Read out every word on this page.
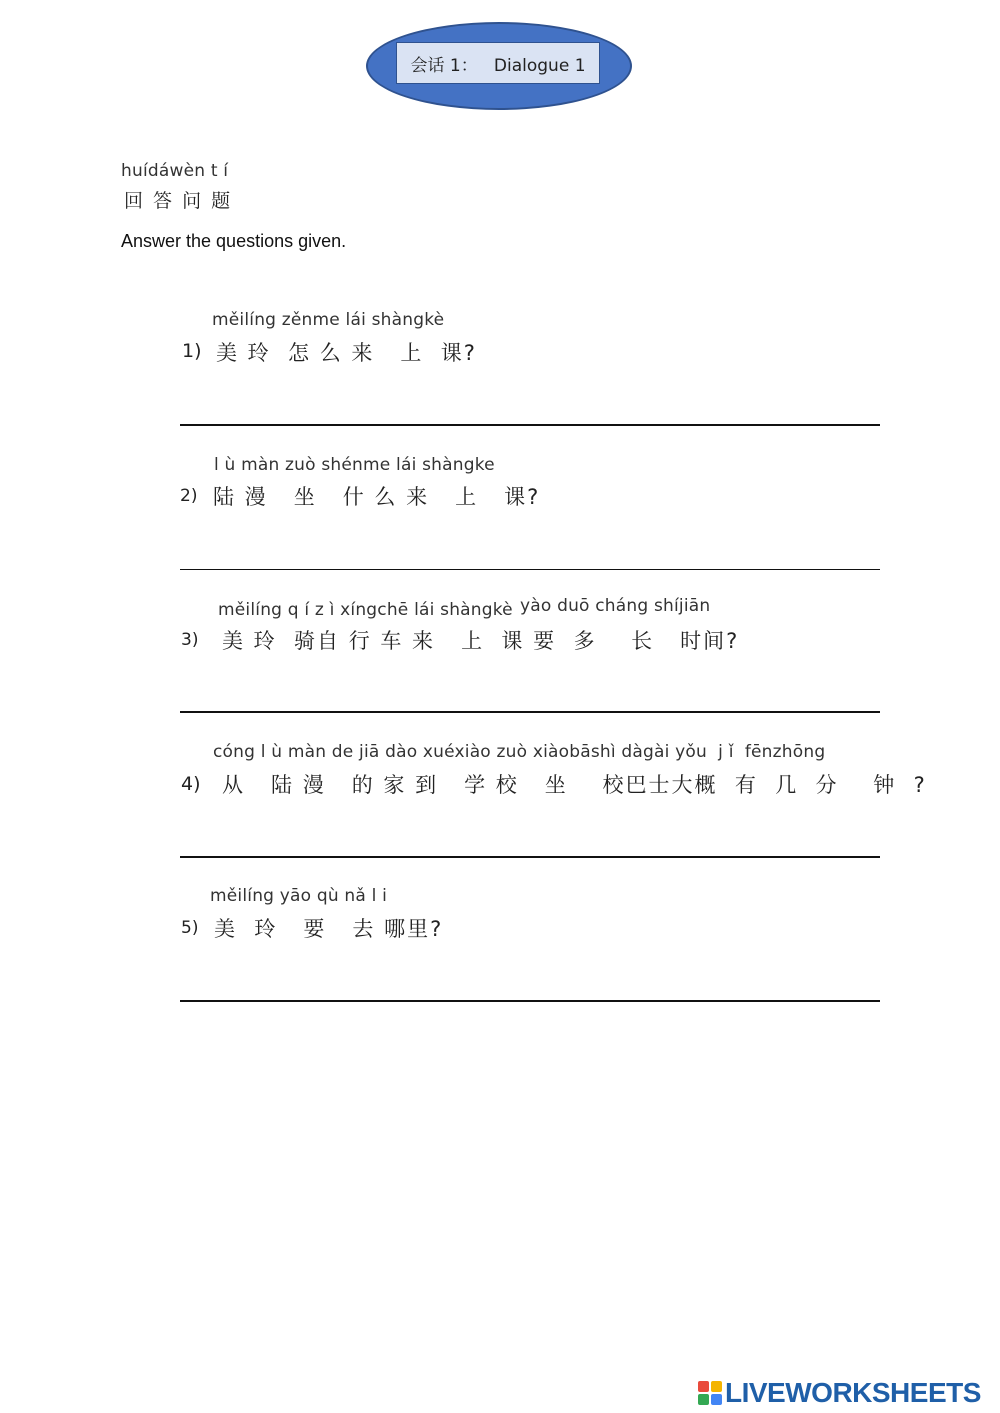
会话 1：   Dialogue 1
huídáwèn t í
回 答 问 题
Answer the questions given.
měilíng zěnme lái shàngkè
1) 美 玲  怎 么 来   上  课?
l ù màn zuò shénme lái shàngke
2) 陆 漫   坐   什 么 来   上   课?
měilíng q í z ì xíngchē lái shàngkè yào duō cháng shíjiān
3) 美 玲  骑自 行 车 来   上  课 要  多    长   时间?
cóng l ù màn de jiā dào xuéxiào zuò xiàobāshì dàgài yǒu  j ǐ  fēnzhōng
4) 从   陆 漫   的 家 到   学 校   坐    校巴士大概  有  几  分    钟  ?
měilíng yāo qù nǎ l i
5) 美  玲   要   去 哪里?
LIVEWORKSHEETS
